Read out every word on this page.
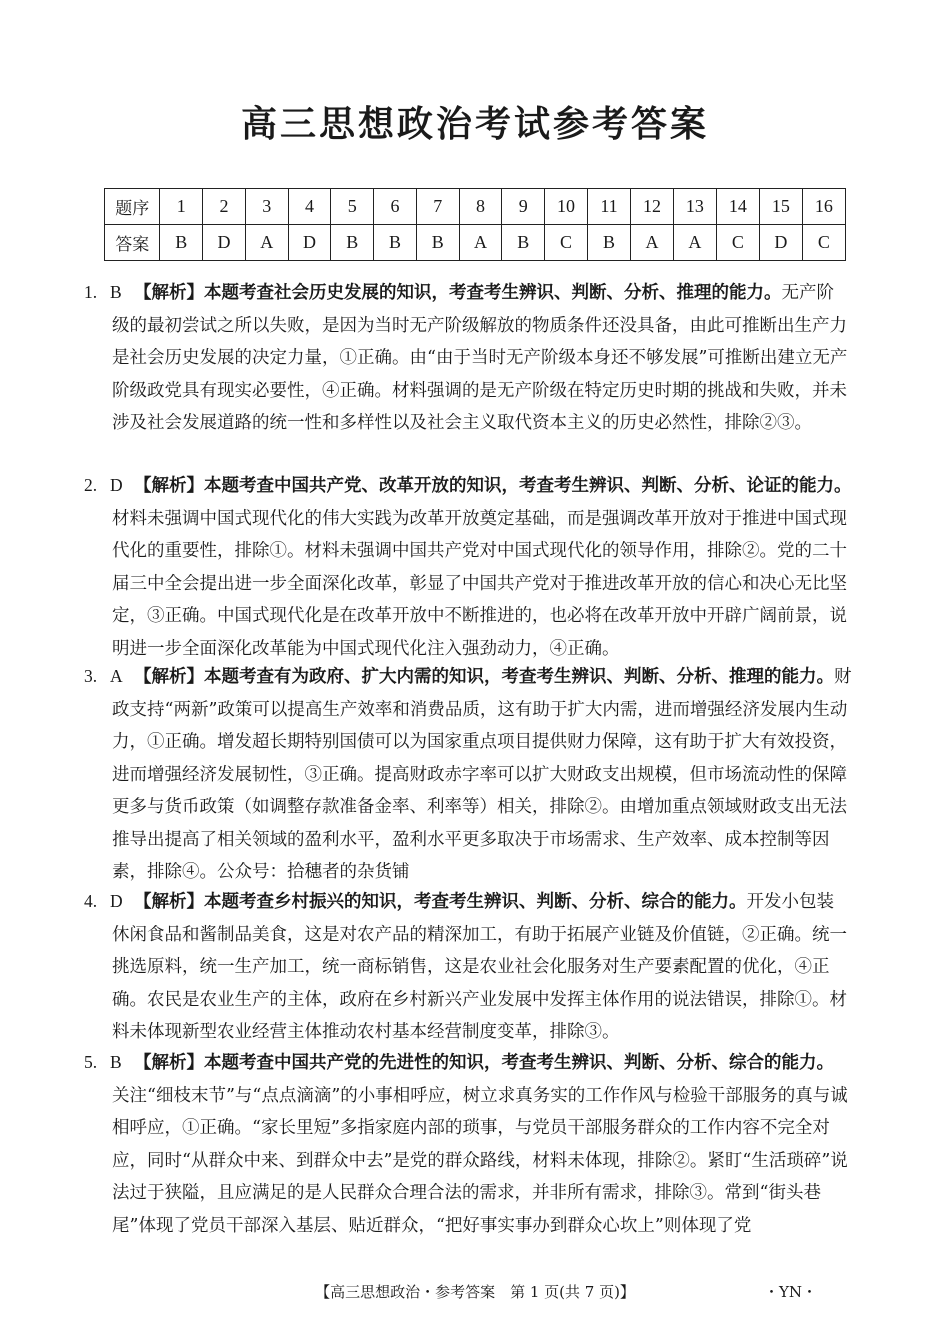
高三思想政治考试参考答案
题序	1	2	3	4	5	6	7	8	9	10	11	12	13	14	15	16
答案	B	D	A	D	B	B	B	A	B	C	B	A	A	C	D	C
1. B 【解析】本题考查社会历史发展的知识，考查考生辨识、判断、分析、推理的能力。无产阶
级的最初尝试之所以失败，是因为当时无产阶级解放的物质条件还没具备，由此可推断出生产力是社会历史发展的决定力量，①正确。由“由于当时无产阶级本身还不够发展”可推断出建立无产阶级政党具有现实必要性，④正确。材料强调的是无产阶级在特定历史时期的挑战和失败，并未涉及社会发展道路的统一性和多样性以及社会主义取代资本主义的历史必然性，排除②③。
2. D 【解析】本题考查中国共产党、改革开放的知识，考查考生辨识、判断、分析、论证的能力。
材料未强调中国式现代化的伟大实践为改革开放奠定基础，而是强调改革开放对于推进中国式现代化的重要性，排除①。材料未强调中国共产党对中国式现代化的领导作用，排除②。党的二十届三中全会提出进一步全面深化改革，彰显了中国共产党对于推进改革开放的信心和决心无比坚定，③正确。中国式现代化是在改革开放中不断推进的，也必将在改革开放中开辟广阔前景，说明进一步全面深化改革能为中国式现代化注入强劲动力，④正确。
3. A 【解析】本题考查有为政府、扩大内需的知识，考查考生辨识、判断、分析、推理的能力。财
政支持“两新”政策可以提高生产效率和消费品质，这有助于扩大内需，进而增强经济发展内生动力，①正确。增发超长期特别国债可以为国家重点项目提供财力保障，这有助于扩大有效投资，进而增强经济发展韧性，③正确。提高财政赤字率可以扩大财政支出规模，但市场流动性的保障更多与货币政策（如调整存款准备金率、利率等）相关，排除②。由增加重点领域财政支出无法推导出提高了相关领域的盈利水平，盈利水平更多取决于市场需求、生产效率、成本控制等因素，排除④。公众号：拾穗者的杂货铺
4. D 【解析】本题考查乡村振兴的知识，考查考生辨识、判断、分析、综合的能力。开发小包装
休闲食品和酱制品美食，这是对农产品的精深加工，有助于拓展产业链及价值链，②正确。统一挑选原料，统一生产加工，统一商标销售，这是农业社会化服务对生产要素配置的优化，④正确。农民是农业生产的主体，政府在乡村新兴产业发展中发挥主体作用的说法错误，排除①。材料未体现新型农业经营主体推动农村基本经营制度变革，排除③。
5. B 【解析】本题考查中国共产党的先进性的知识，考查考生辨识、判断、分析、综合的能力。
关注“细枝末节”与“点点滴滴”的小事相呼应，树立求真务实的工作作风与检验干部服务的真与诚相呼应，①正确。“家长里短”多指家庭内部的琐事，与党员干部服务群众的工作内容不完全对应，同时“从群众中来、到群众中去”是党的群众路线，材料未体现，排除②。紧盯“生活琐碎”说法过于狭隘，且应满足的是人民群众合理合法的需求，并非所有需求，排除③。常到“街头巷尾”体现了党员干部深入基层、贴近群众，“把好事实事办到群众心坎上”则体现了党
【高三思想政治・参考答案　第 1 页(共 7 页)】	・YN・
